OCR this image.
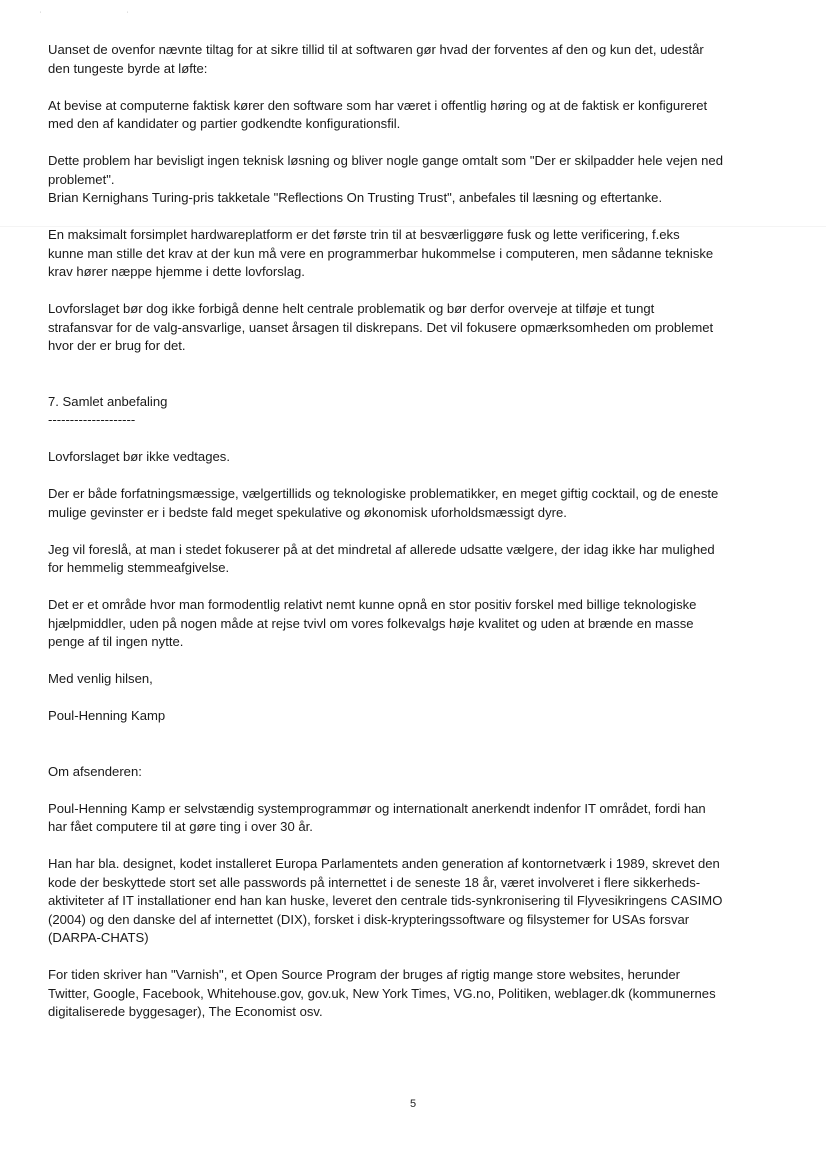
' '

Uanset de ovenfor nævnte tiltag for at sikre tillid til at softwaren gør hvad der forventes af den og kun det, udestår

den tungeste byrde at løfte:

At bevise at computerne faktisk kører den software som har været i offentlig høring og at de faktisk er konfigureret

med den af kandidater og partier godkendte konfigurationsfil.

Dette problem har bevisligt ingen teknisk løsning og bliver nogle gange omtalt som "Der er skilpadder hele vejen ned

problemet".

Brian Kernighans Turing-pris takketale "Reflections On Trusting Trust", anbefales til læsning og eftertanke.

En maksimalt forsimplet hardwareplatform er det første trin til at besværliggøre fusk og lette verificering, f.eks

kunne man stille det krav at der kun må vere en programmerbar hukommelse i computeren, men sådanne tekniske

krav hører næppe hjemme i dette lovforslag.

Lovforslaget bør dog ikke forbigå denne helt centrale problematik og bør derfor overveje at tilføje et tungt

strafansvar for de valg-ansvarlige, uanset årsagen til diskrepans. Det vil fokusere opmærksomheden om problemet

hvor der er brug for det.

7. Samlet anbefaling

--------------------

Lovforslaget bør ikke vedtages.

Der er både forfatningsmæssige, vælgertillids og teknologiske problematikker, en meget giftig cocktail, og de eneste

mulige gevinster er i bedste fald meget spekulative og økonomisk uforholdsmæssigt dyre.

Jeg vil foreslå, at man i stedet fokuserer på at det mindretal af allerede udsatte vælgere, der idag ikke har mulighed

for hemmelig stemmeafgivelse.

Det er et område hvor man formodentlig relativt nemt kunne opnå en stor positiv forskel med billige teknologiske

hjælpmiddler, uden på nogen måde at rejse tvivl om vores folkevalgs høje kvalitet og uden at brænde en masse

penge af til ingen nytte.

Med venlig hilsen,

Poul-Henning Kamp

Om afsenderen:

Poul-Henning Kamp er selvstændig systemprogrammør og internationalt anerkendt indenfor IT området, fordi han

har fået computere til at gøre ting i over 30 år.

Han har bla. designet, kodet installeret Europa Parlamentets anden generation af kontornetværk i 1989, skrevet den

kode der beskyttede stort set alle passwords på internettet i de seneste 18 år, været involveret i flere sikkerheds-

aktiviteter af IT installationer end han kan huske, leveret den centrale tids-synkronisering til Flyvesikringens CASIMO

(2004) og den danske del af internettet (DIX), forsket i disk-krypteringssoftware og filsystemer for USAs forsvar

(DARPA-CHATS)

For tiden skriver han "Varnish", et Open Source Program der bruges af rigtig mange store websites, herunder

Twitter, Google, Facebook, Whitehouse.gov, gov.uk, New York Times, VG.no, Politiken, weblager.dk (kommunernes

digitaliserede byggesager), The Economist osv.

5
